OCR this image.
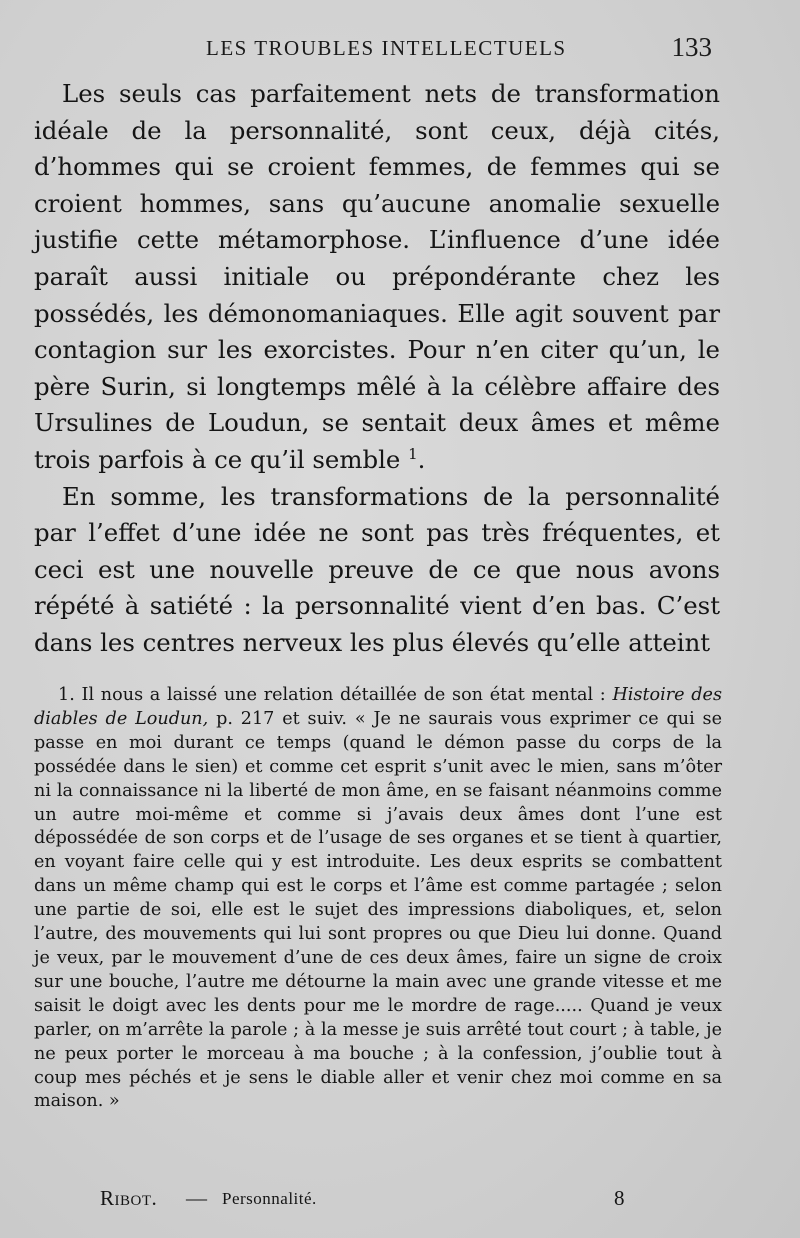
LES TROUBLES INTELLECTUELS	133

Les seuls cas parfaitement nets de transformation idéale de la personnalité, sont ceux, déjà cités, d’hommes qui se croient femmes, de femmes qui se croient hommes, sans qu’aucune anomalie sexuelle justifie cette métamorphose. L’influence d’une idée paraît aussi initiale ou prépondérante chez les possédés, les démonomaniaques. Elle agit souvent par contagion sur les exorcistes. Pour n’en citer qu’un, le père Surin, si longtemps mêlé à la célèbre affaire des Ursulines de Loudun, se sentait deux âmes et même trois parfois à ce qu’il semble $^1$.

En somme, les transformations de la personnalité par l’effet d’une idée ne sont pas très fréquentes, et ceci est une nouvelle preuve de ce que nous avons répété à satiété : la personnalité vient d’en bas. C’est dans les centres nerveux les plus élevés qu’elle atteint

1. Il nous a laissé une relation détaillée de son état mental : Histoire des diables de Loudun, p. 217 et suiv. « Je ne saurais vous exprimer ce qui se passe en moi durant ce temps (quand le démon passe du corps de la possédée dans le sien) et comme cet esprit s’unit avec le mien, sans m’ôter ni la connaissance ni la liberté de mon âme, en se faisant néanmoins comme un autre moi-même et comme si j’avais deux âmes dont l’une est dépossédée de son corps et de l’usage de ses organes et se tient à quartier, en voyant faire celle qui y est introduite. Les deux esprits se combattent dans un même champ qui est le corps et l’âme est comme partagée ; selon une partie de soi, elle est le sujet des impressions diaboliques, et, selon l’autre, des mouvements qui lui sont propres ou que Dieu lui donne. Quand je veux, par le mouvement d’une de ces deux âmes, faire un signe de croix sur une bouche, l’autre me détourne la main avec une grande vitesse et me saisit le doigt avec les dents pour me le mordre de rage..... Quand je veux parler, on m’arrête la parole ; à la messe je suis arrêté tout court ; à table, je ne peux porter le morceau à ma bouche ; à la confession, j’oublie tout à coup mes péchés et je sens le diable aller et venir chez moi comme en sa maison. »

Ribot. — Personnalité.	8
